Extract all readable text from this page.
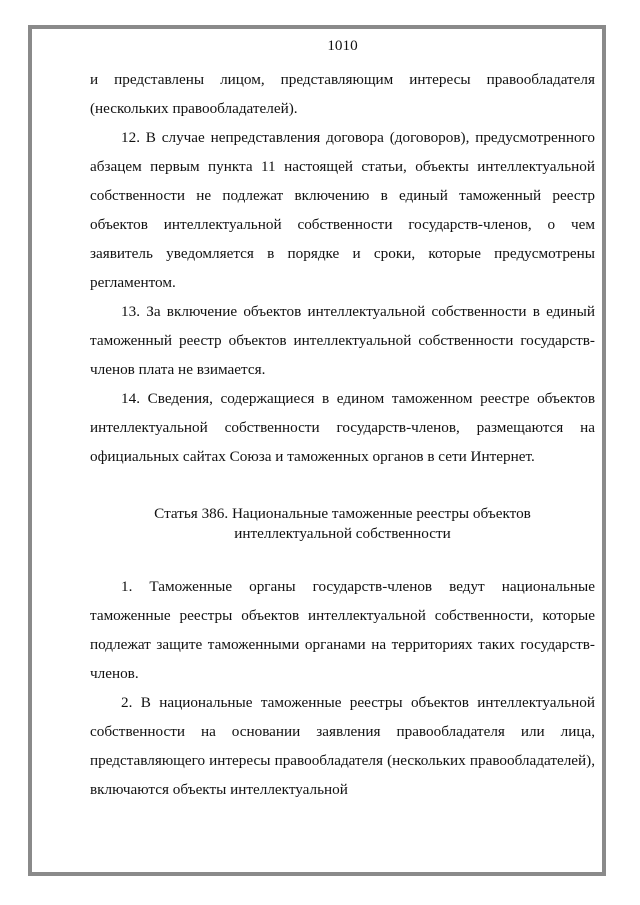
1010

и представлены лицом, представляющим интересы правообладателя (нескольких правообладателей).

12. В случае непредставления договора (договоров), предусмотренного абзацем первым пункта 11 настоящей статьи, объекты интеллектуальной собственности не подлежат включению в единый таможенный реестр объектов интеллектуальной собственности государств-членов, о чем заявитель уведомляется в порядке и сроки, которые предусмотрены регламентом.

13. За включение объектов интеллектуальной собственности в единый таможенный реестр объектов интеллектуальной собственности государств-членов плата не взимается.

14. Сведения, содержащиеся в едином таможенном реестре объектов интеллектуальной собственности государств-членов, размещаются на официальных сайтах Союза и таможенных органов в сети Интернет.

Статья 386. Национальные таможенные реестры объектов
интеллектуальной собственности

1. Таможенные органы государств-членов ведут национальные таможенные реестры объектов интеллектуальной собственности, которые подлежат защите таможенными органами на территориях таких государств-членов.

2. В национальные таможенные реестры объектов интеллектуальной собственности на основании заявления правообладателя или лица, представляющего интересы правообладателя (нескольких правообладателей), включаются объекты интеллектуальной
